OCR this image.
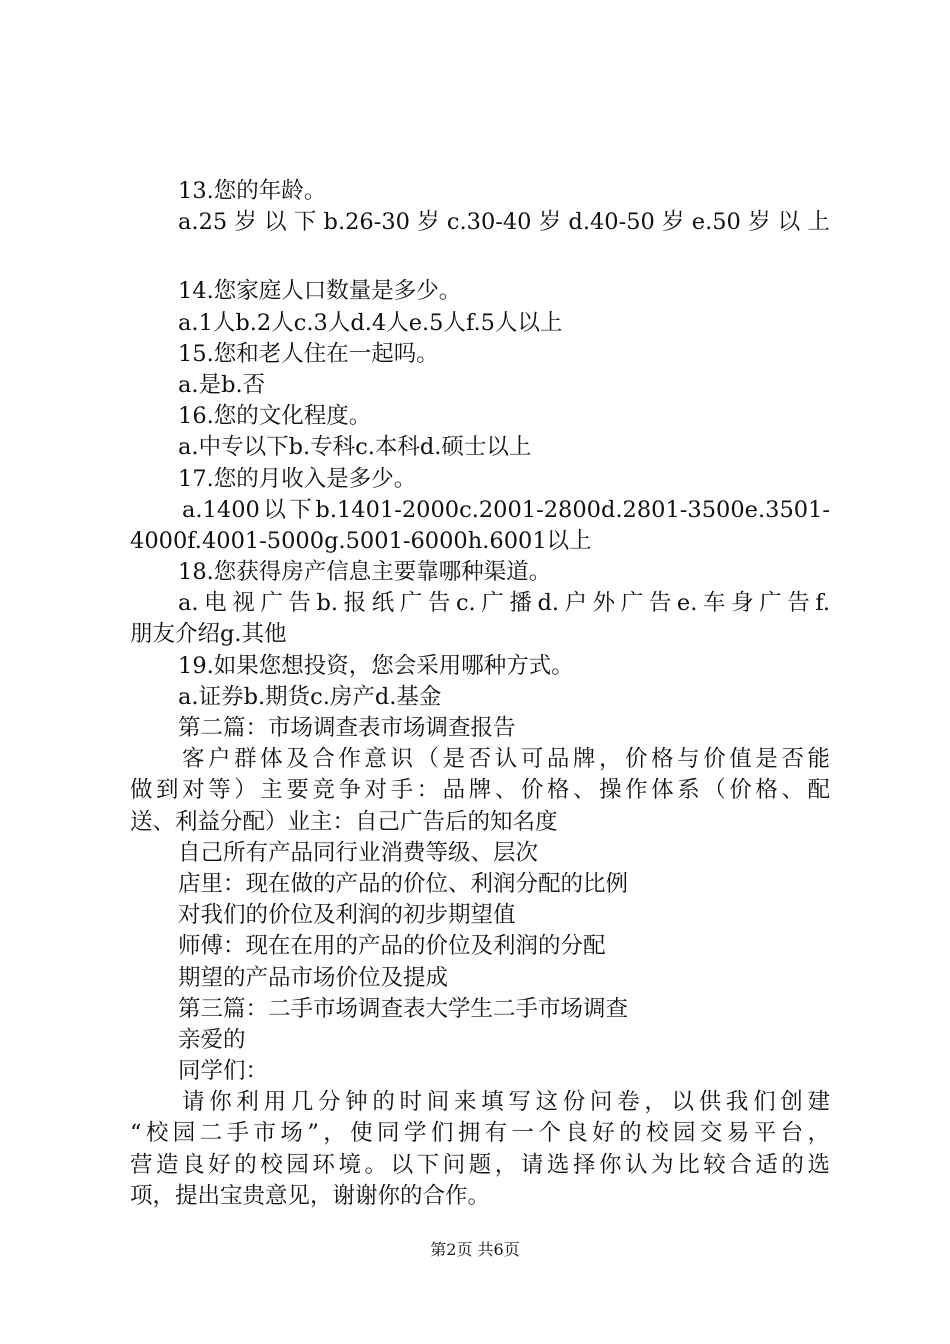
13.您的年龄。
a.25岁以下b.26-30岁c.30-40岁d.40-50岁e.50岁以上
14.您家庭人口数量是多少。
a.1人b.2人c.3人d.4人e.5人f.5人以上
15.您和老人住在一起吗。
a.是b.否
16.您的文化程度。
a.中专以下b.专科c.本科d.硕士以上
17.您的月收入是多少。
a.1400以下b.1401-2000c.2001-2800d.2801-3500e.3501-
4000f.4001-5000g.5001-6000h.6001以上
18.您获得房产信息主要靠哪种渠道。
a.电视广告b.报纸广告c.广播d.户外广告e.车身广告f.
朋友介绍g.其他
19.如果您想投资，您会采用哪种方式。
a.证券b.期货c.房产d.基金
第二篇：市场调查表市场调查报告
客户群体及合作意识（是否认可品牌，价格与价值是否能
做到对等）主要竞争对手：品牌、价格、操作体系（价格、配
送、利益分配）业主：自己广告后的知名度
自己所有产品同行业消费等级、层次
店里：现在做的产品的价位、利润分配的比例
对我们的价位及利润的初步期望值
师傅：现在在用的产品的价位及利润的分配
期望的产品市场价位及提成
第三篇：二手市场调查表大学生二手市场调查
亲爱的
同学们：
请你利用几分钟的时间来填写这份问卷，以供我们创建
“校园二手市场”，使同学们拥有一个良好的校园交易平台，
营造良好的校园环境。以下问题，请选择你认为比较合适的选
项，提出宝贵意见，谢谢你的合作。
第2页 共6页
